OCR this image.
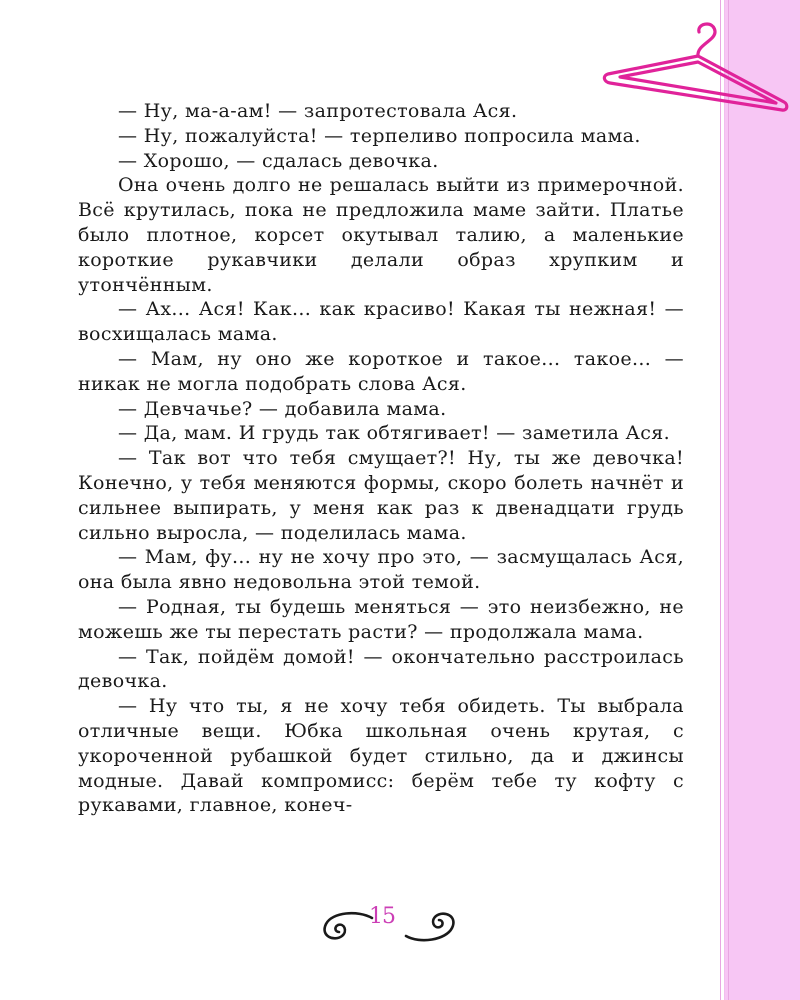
— Ну, ма-а-ам! — запротестовала Ася.

— Ну, пожалуйста! — терпеливо попросила мама.

— Хорошо, — сдалась девочка.

Она очень долго не решалась выйти из примерочной. Всё крутилась, пока не предложила маме зайти. Платье было плотное, корсет окутывал талию, а маленькие короткие рукавчики делали образ хрупким и утончённым.

— Ах... Ася! Как... как красиво! Какая ты нежная! — восхищалась мама.

— Мам, ну оно же короткое и такое... такое... — никак не могла подобрать слова Ася.

— Девчачье? — добавила мама.

— Да, мам. И грудь так обтягивает! — заметила Ася.

— Так вот что тебя смущает?! Ну, ты же девочка! Конечно, у тебя меняются формы, скоро болеть начнёт и сильнее выпирать, у меня как раз к двенадцати грудь сильно выросла, — поделилась мама.

— Мам, фу... ну не хочу про это, — засмущалась Ася, она была явно недовольна этой темой.

— Родная, ты будешь меняться — это неизбежно, не можешь же ты перестать расти? — продолжала мама.

— Так, пойдём домой! — окончательно расстроилась девочка.

— Ну что ты, я не хочу тебя обидеть. Ты выбрала отличные вещи. Юбка школьная очень крутая, с укороченной рубашкой будет стильно, да и джинсы модные. Давай компромисс: берём тебе ту кофту с рукавами, главное, конеч-

15
